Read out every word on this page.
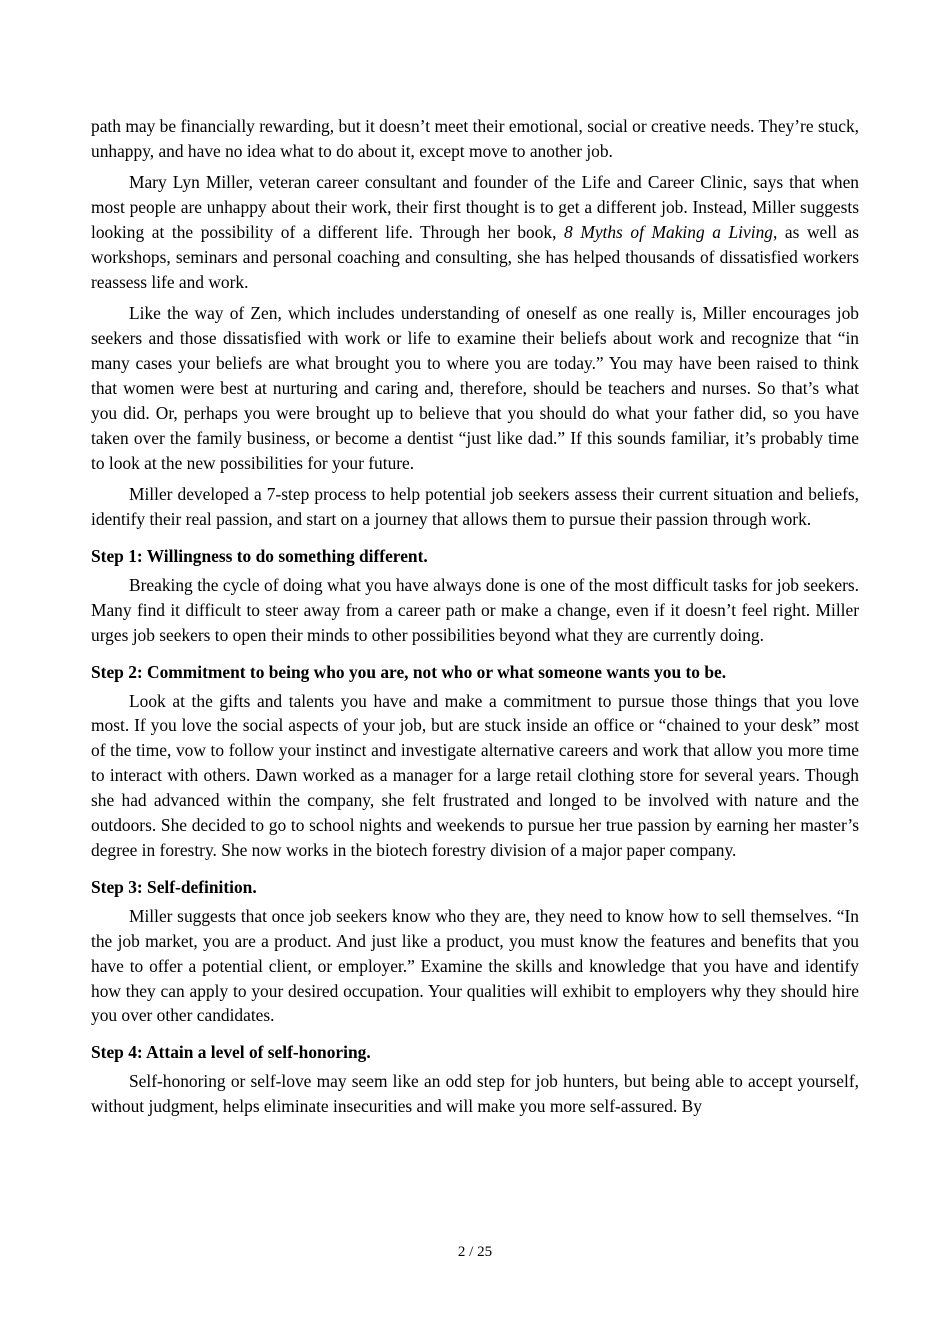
path may be financially rewarding, but it doesn’t meet their emotional, social or creative needs. They’re stuck, unhappy, and have no idea what to do about it, except move to another job.

Mary Lyn Miller, veteran career consultant and founder of the Life and Career Clinic, says that when most people are unhappy about their work, their first thought is to get a different job. Instead, Miller suggests looking at the possibility of a different life. Through her book, 8 Myths of Making a Living, as well as workshops, seminars and personal coaching and consulting, she has helped thousands of dissatisfied workers reassess life and work.

Like the way of Zen, which includes understanding of oneself as one really is, Miller encourages job seekers and those dissatisfied with work or life to examine their beliefs about work and recognize that “in many cases your beliefs are what brought you to where you are today.” You may have been raised to think that women were best at nurturing and caring and, therefore, should be teachers and nurses. So that’s what you did. Or, perhaps you were brought up to believe that you should do what your father did, so you have taken over the family business, or become a dentist “just like dad.” If this sounds familiar, it’s probably time to look at the new possibilities for your future.

Miller developed a 7-step process to help potential job seekers assess their current situation and beliefs, identify their real passion, and start on a journey that allows them to pursue their passion through work.

Step 1: Willingness to do something different.

Breaking the cycle of doing what you have always done is one of the most difficult tasks for job seekers. Many find it difficult to steer away from a career path or make a change, even if it doesn’t feel right. Miller urges job seekers to open their minds to other possibilities beyond what they are currently doing.

Step 2: Commitment to being who you are, not who or what someone wants you to be.

Look at the gifts and talents you have and make a commitment to pursue those things that you love most. If you love the social aspects of your job, but are stuck inside an office or “chained to your desk” most of the time, vow to follow your instinct and investigate alternative careers and work that allow you more time to interact with others. Dawn worked as a manager for a large retail clothing store for several years. Though she had advanced within the company, she felt frustrated and longed to be involved with nature and the outdoors. She decided to go to school nights and weekends to pursue her true passion by earning her master’s degree in forestry. She now works in the biotech forestry division of a major paper company.

Step 3: Self-definition.

Miller suggests that once job seekers know who they are, they need to know how to sell themselves. “In the job market, you are a product. And just like a product, you must know the features and benefits that you have to offer a potential client, or employer.” Examine the skills and knowledge that you have and identify how they can apply to your desired occupation. Your qualities will exhibit to employers why they should hire you over other candidates.

Step 4: Attain a level of self-honoring.

Self-honoring or self-love may seem like an odd step for job hunters, but being able to accept yourself, without judgment, helps eliminate insecurities and will make you more self-assured. By

2 / 25
